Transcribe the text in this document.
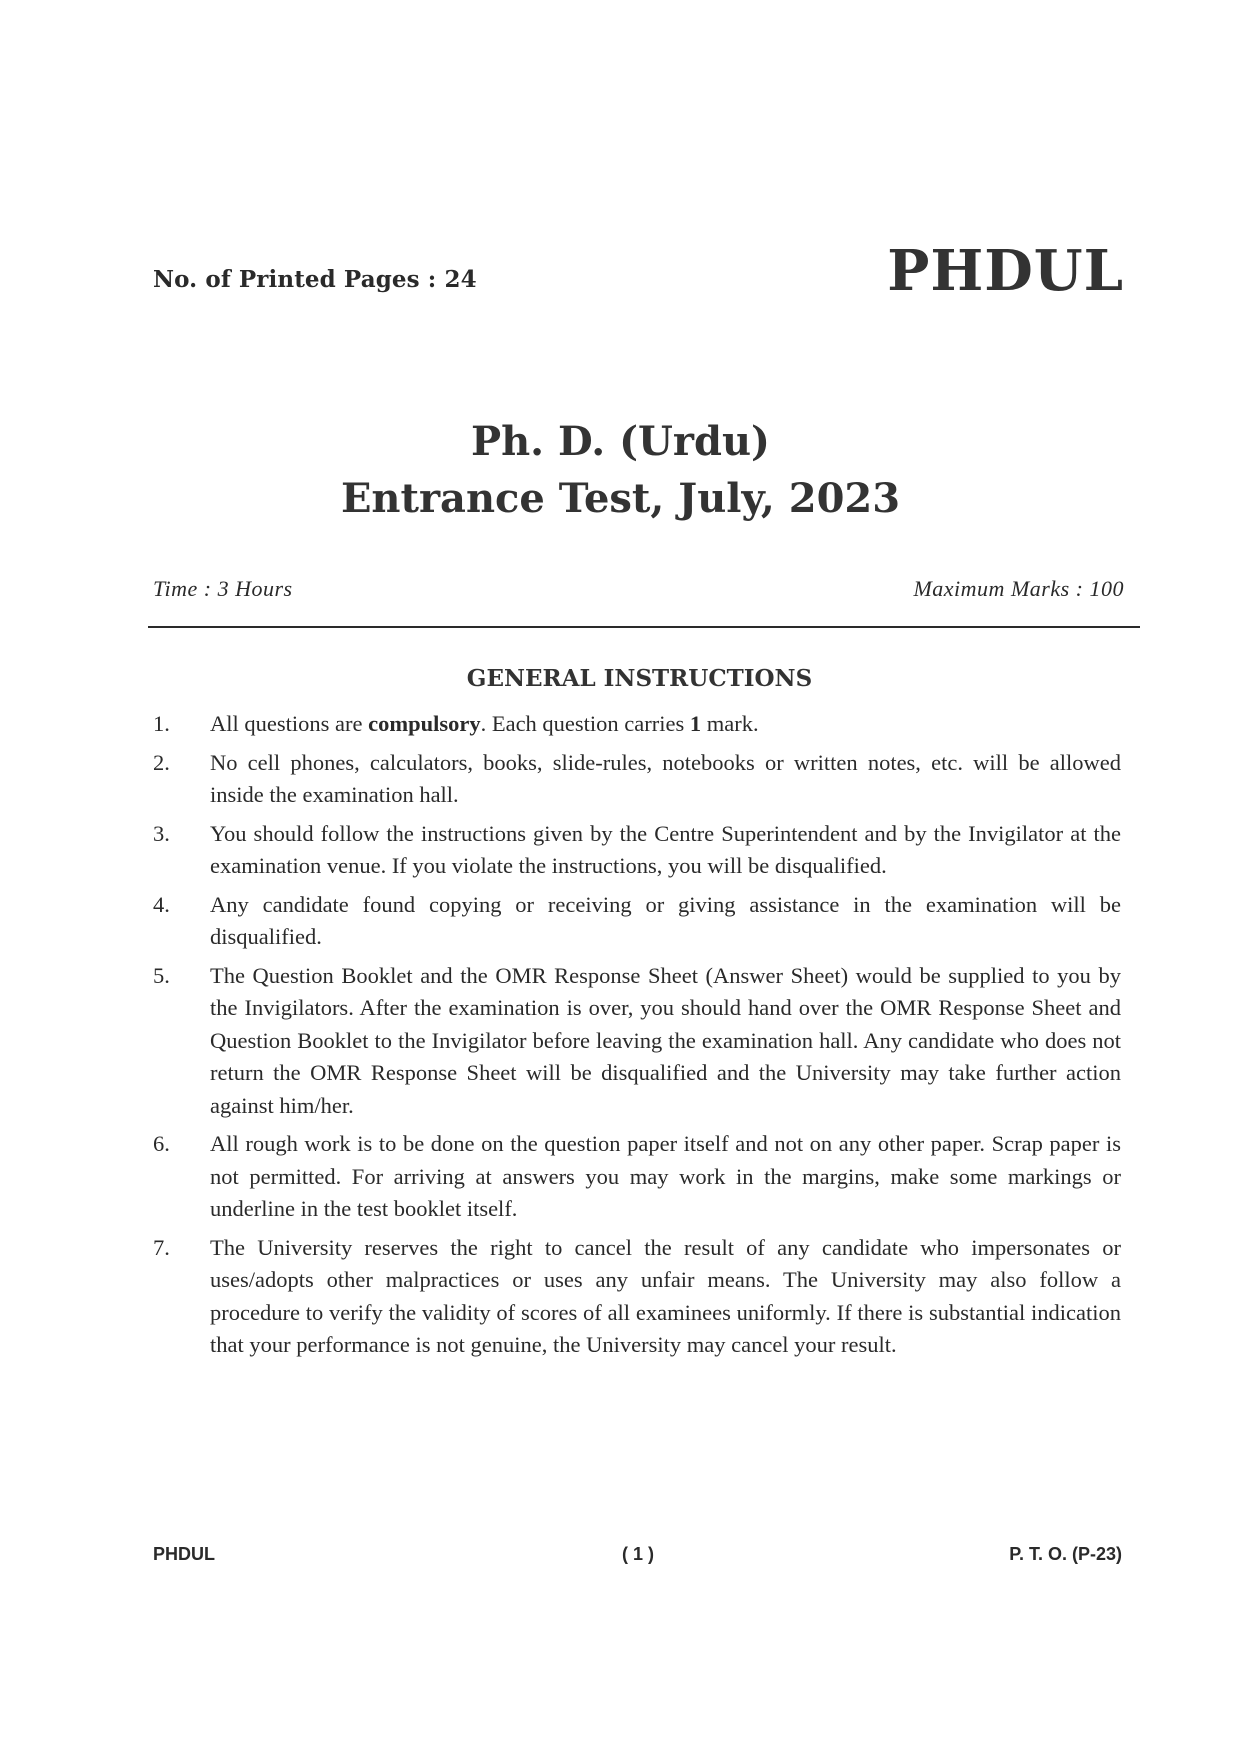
No. of Printed Pages : 24	PHDUL
Ph. D. (Urdu)
Entrance Test, July, 2023
Time : 3 Hours	Maximum Marks : 100
GENERAL INSTRUCTIONS
1. All questions are compulsory. Each question carries 1 mark.
2. No cell phones, calculators, books, slide-rules, notebooks or written notes, etc. will be allowed inside the examination hall.
3. You should follow the instructions given by the Centre Superintendent and by the Invigilator at the examination venue. If you violate the instructions, you will be disqualified.
4. Any candidate found copying or receiving or giving assistance in the examination will be disqualified.
5. The Question Booklet and the OMR Response Sheet (Answer Sheet) would be supplied to you by the Invigilators. After the examination is over, you should hand over the OMR Response Sheet and Question Booklet to the Invigilator before leaving the examination hall. Any candidate who does not return the OMR Response Sheet will be disqualified and the University may take further action against him/her.
6. All rough work is to be done on the question paper itself and not on any other paper. Scrap paper is not permitted. For arriving at answers you may work in the margins, make some markings or underline in the test booklet itself.
7. The University reserves the right to cancel the result of any candidate who impersonates or uses/adopts other malpractices or uses any unfair means. The University may also follow a procedure to verify the validity of scores of all examinees uniformly. If there is substantial indication that your performance is not genuine, the University may cancel your result.
PHDUL	( 1 )	P. T. O. (P-23)
